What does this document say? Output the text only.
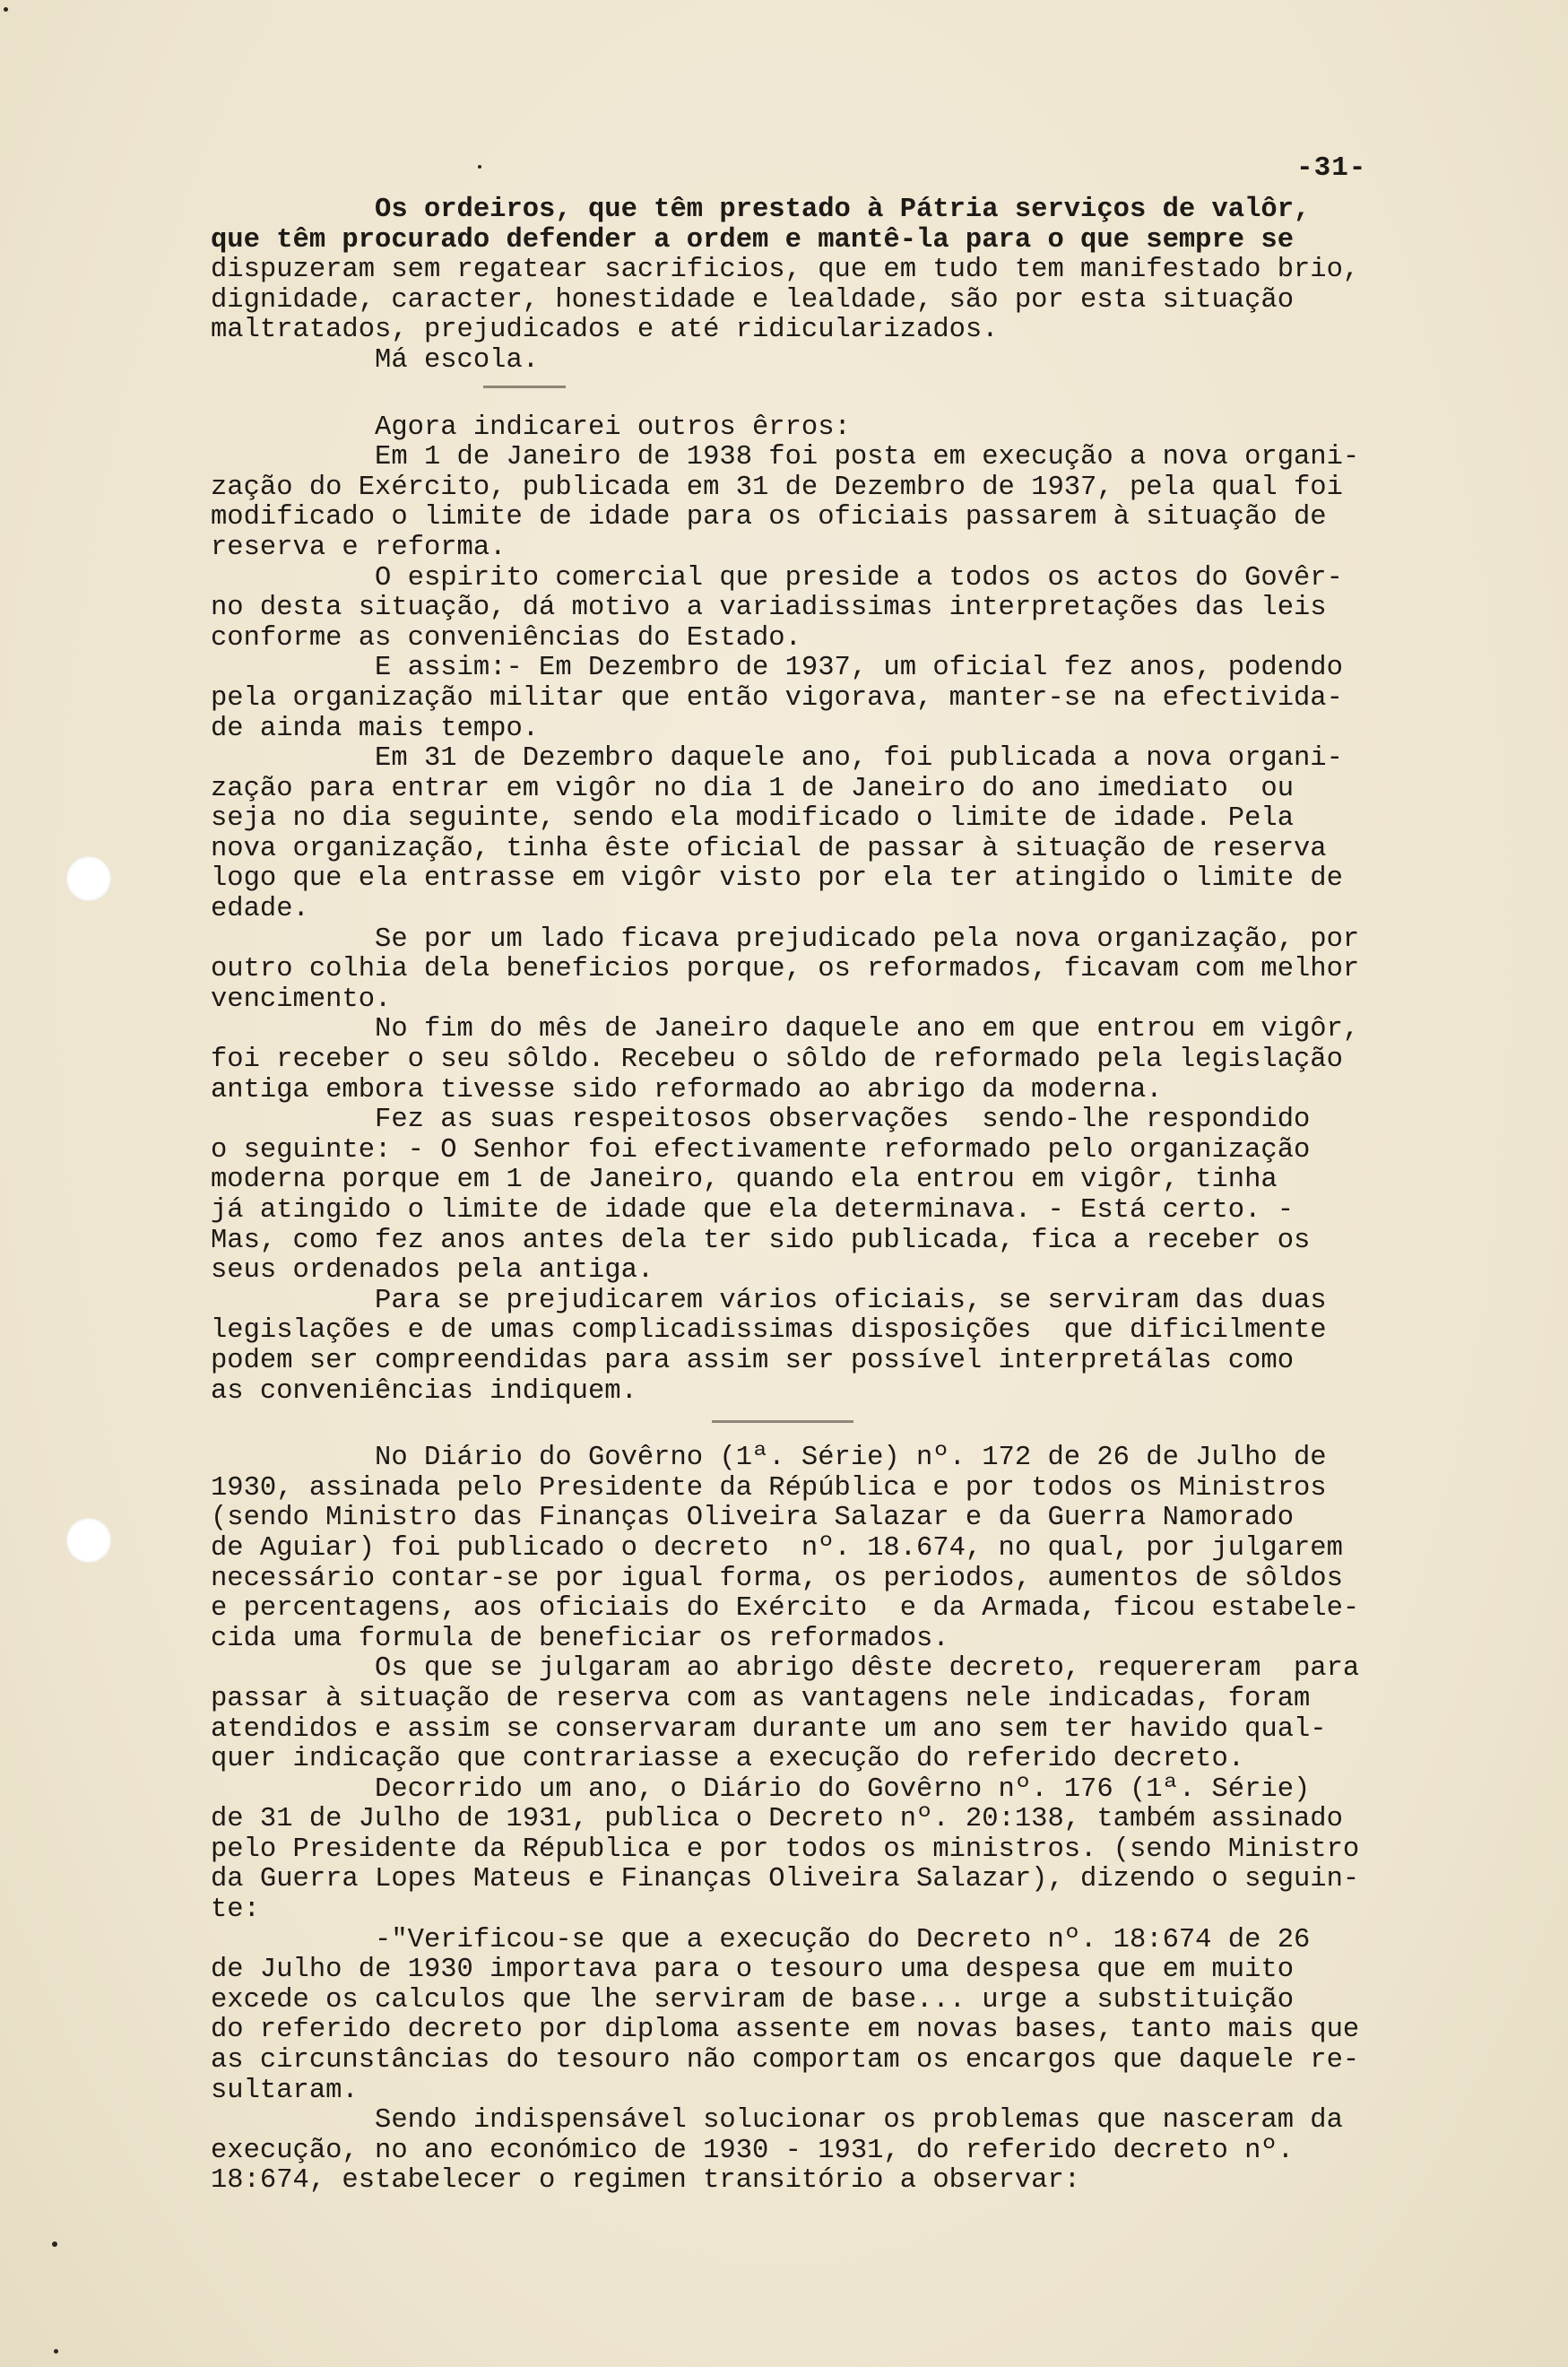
-31-
Os ordeiros, que têm prestado à Pátria serviços de valôr,
que têm procurado defender a ordem e mantê-la para o que sempre se
dispuzeram sem regatear sacrificios, que em tudo tem manifestado brio,
dignidade, caracter, honestidade e lealdade, são por esta situação
maltratados, prejudicados e até ridicularizados.
Má escola.
Agora indicarei outros êrros:
Em 1 de Janeiro de 1938 foi posta em execução a nova organi-
zação do Exército, publicada em 31 de Dezembro de 1937, pela qual foi
modificado o limite de idade para os oficiais passarem à situação de
reserva e reforma.
O espirito comercial que preside a todos os actos do Govêr-
no desta situação, dá motivo a variadissimas interpretações das leis
conforme as conveniências do Estado.
E assim:- Em Dezembro de 1937, um oficial fez anos, podendo
pela organização militar que então vigorava, manter-se na efectivida-
de ainda mais tempo.
Em 31 de Dezembro daquele ano, foi publicada a nova organi-
zação para entrar em vigôr no dia 1 de Janeiro do ano imediato  ou
seja no dia seguinte, sendo ela modificado o limite de idade. Pela
nova organização, tinha êste oficial de passar à situação de reserva
logo que ela entrasse em vigôr visto por ela ter atingido o limite de
edade.
Se por um lado ficava prejudicado pela nova organização, por
outro colhia dela beneficios porque, os reformados, ficavam com melhor
vencimento.
No fim do mês de Janeiro daquele ano em que entrou em vigôr,
foi receber o seu sôldo. Recebeu o sôldo de reformado pela legislação
antiga embora tivesse sido reformado ao abrigo da moderna.
Fez as suas respeitosos observações  sendo-lhe respondido
o seguinte: - O Senhor foi efectivamente reformado pelo organização
moderna porque em 1 de Janeiro, quando ela entrou em vigôr, tinha
já atingido o limite de idade que ela determinava. - Está certo. -
Mas, como fez anos antes dela ter sido publicada, fica a receber os
seus ordenados pela antiga.
Para se prejudicarem vários oficiais, se serviram das duas
legislações e de umas complicadissimas disposições  que dificilmente
podem ser compreendidas para assim ser possível interpretálas como
as conveniências indiquem.
No Diário do Govêrno (1ª. Série) nº. 172 de 26 de Julho de
1930, assinada pelo Presidente da Répública e por todos os Ministros
(sendo Ministro das Finanças Oliveira Salazar e da Guerra Namorado
de Aguiar) foi publicado o decreto  nº. 18.674, no qual, por julgarem
necessário contar-se por igual forma, os periodos, aumentos de sôldos
e percentagens, aos oficiais do Exército  e da Armada, ficou estabele-
cida uma formula de beneficiar os reformados.
Os que se julgaram ao abrigo dêste decreto, requereram  para
passar à situação de reserva com as vantagens nele indicadas, foram
atendidos e assim se conservaram durante um ano sem ter havido qual-
quer indicação que contrariasse a execução do referido decreto.
Decorrido um ano, o Diário do Govêrno nº. 176 (1ª. Série)
de 31 de Julho de 1931, publica o Decreto nº. 20:138, também assinado
pelo Presidente da Républica e por todos os ministros. (sendo Ministro
da Guerra Lopes Mateus e Finanças Oliveira Salazar), dizendo o seguin-
te:
-"Verificou-se que a execução do Decreto nº. 18:674 de 26
de Julho de 1930 importava para o tesouro uma despesa que em muito
excede os calculos que lhe serviram de base... urge a substituição
do referido decreto por diploma assente em novas bases, tanto mais que
as circunstâncias do tesouro não comportam os encargos que daquele re-
sultaram.
Sendo indispensável solucionar os problemas que nasceram da
execução, no ano económico de 1930 - 1931, do referido decreto nº.
18:674, estabelecer o regimen transitório a observar:
